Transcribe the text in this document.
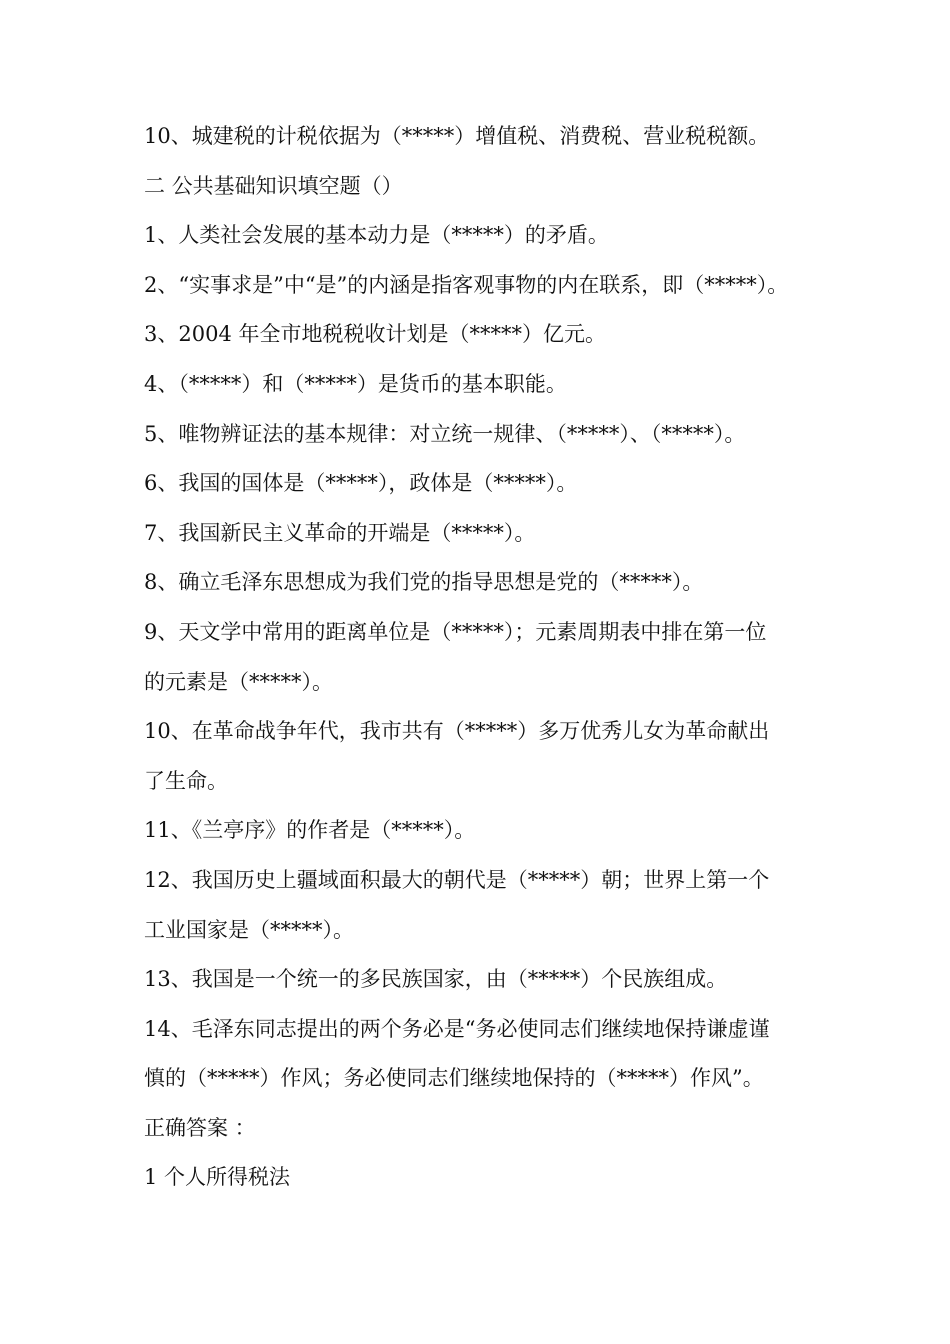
10、城建税的计税依据为（*****）增值税、消费税、营业税税额。
二 公共基础知识填空题（）
1、人类社会发展的基本动力是（*****）的矛盾。
2、“实事求是”中“是”的内涵是指客观事物的内在联系，即（*****）。
3、2004 年全市地税税收计划是（*****）亿元。
4、（*****）和（*****）是货币的基本职能。
5、唯物辨证法的基本规律：对立统一规律、（*****）、（*****）。
6、我国的国体是（*****），政体是（*****）。
7、我国新民主义革命的开端是（*****）。
8、确立毛泽东思想成为我们党的指导思想是党的（*****）。
9、天文学中常用的距离单位是（*****）；元素周期表中排在第一位
的元素是（*****）。
10、在革命战争年代，我市共有（*****）多万优秀儿女为革命献出
了生命。
11、《兰亭序》的作者是（*****）。
12、我国历史上疆域面积最大的朝代是（*****）朝；世界上第一个
工业国家是（*****）。
13、我国是一个统一的多民族国家，由（*****）个民族组成。
14、毛泽东同志提出的两个务必是“务必使同志们继续地保持谦虚谨
慎的（*****）作风；务必使同志们继续地保持的（*****）作风”。
正确答案 ：
1 个人所得税法
